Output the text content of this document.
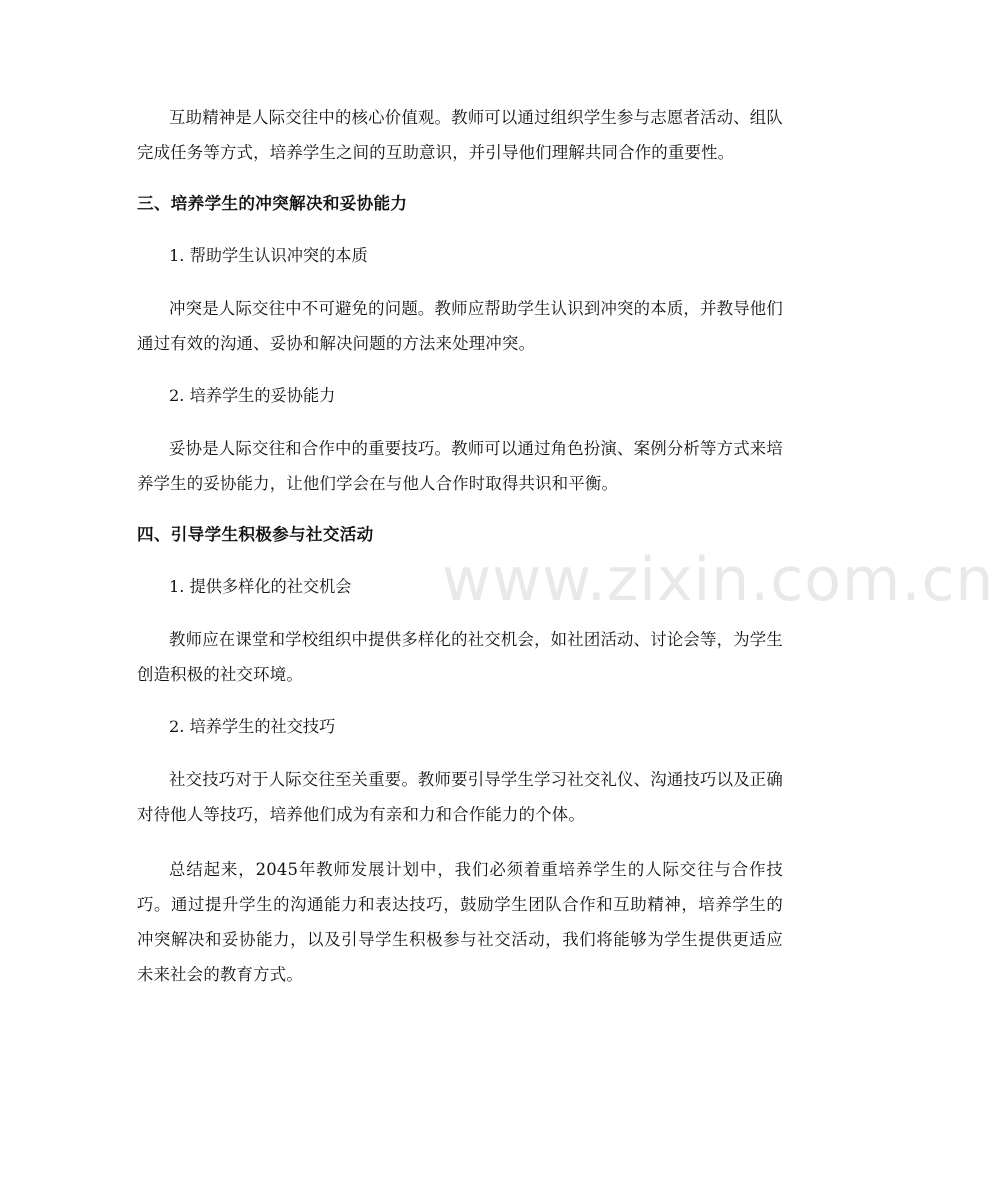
www.zixin.com.cn

互助精神是人际交往中的核心价值观。教师可以通过组织学生参与志愿者活动、组队完成任务等方式，培养学生之间的互助意识，并引导他们理解共同合作的重要性。

三、培养学生的冲突解决和妥协能力

1. 帮助学生认识冲突的本质

冲突是人际交往中不可避免的问题。教师应帮助学生认识到冲突的本质，并教导他们通过有效的沟通、妥协和解决问题的方法来处理冲突。

2. 培养学生的妥协能力

妥协是人际交往和合作中的重要技巧。教师可以通过角色扮演、案例分析等方式来培养学生的妥协能力，让他们学会在与他人合作时取得共识和平衡。

四、引导学生积极参与社交活动

1. 提供多样化的社交机会

教师应在课堂和学校组织中提供多样化的社交机会，如社团活动、讨论会等，为学生创造积极的社交环境。

2. 培养学生的社交技巧

社交技巧对于人际交往至关重要。教师要引导学生学习社交礼仪、沟通技巧以及正确对待他人等技巧，培养他们成为有亲和力和合作能力的个体。

总结起来，2045年教师发展计划中，我们必须着重培养学生的人际交往与合作技巧。通过提升学生的沟通能力和表达技巧，鼓励学生团队合作和互助精神，培养学生的冲突解决和妥协能力，以及引导学生积极参与社交活动，我们将能够为学生提供更适应未来社会的教育方式。
